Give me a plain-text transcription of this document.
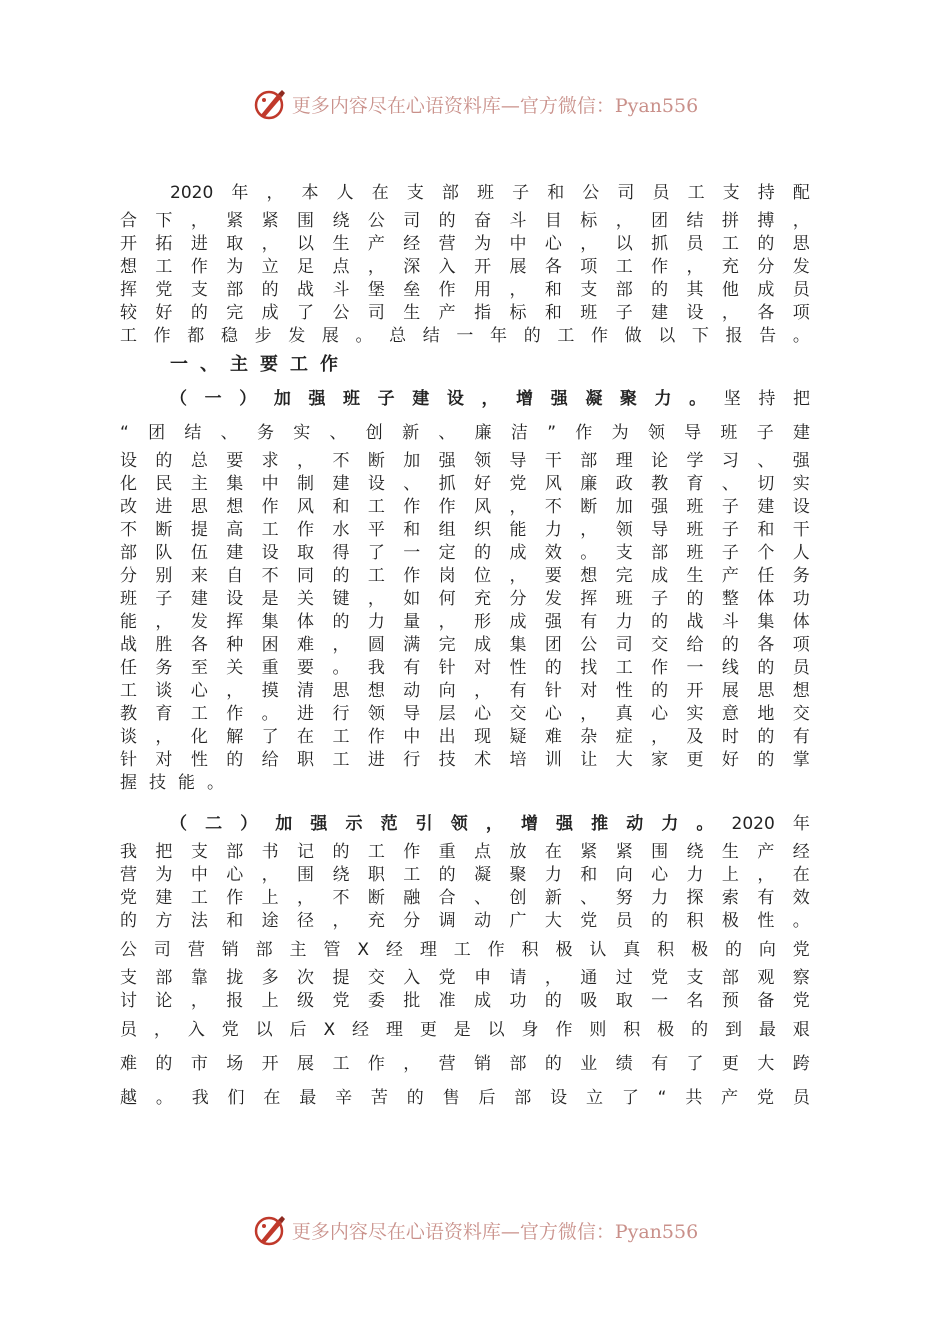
更多内容尽在心语资料库—官方微信：Pyan556
2020 年 ， 本 人 在 支 部 班 子 和 公 司 员 工 支 持 配
合 下 ， 紧 紧 围 绕 公 司 的 奋 斗 目 标 ， 团 结 拼 搏 ，
开 拓 进 取 ， 以 生 产 经 营 为 中 心 ， 以 抓 员 工 的 思
想 工 作 为 立 足 点 ， 深 入 开 展 各 项 工 作 ， 充 分 发
挥 党 支 部 的 战 斗 堡 垒 作 用 ， 和 支 部 的 其 他 成 员
较 好 的 完 成 了 公 司 生 产 指 标 和 班 子 建 设 ， 各 项
工 作 都 稳 步 发 展 。 总 结 一 年 的 工 作 做 以 下 报 告 。
一、主要工作
（ 一 ） 加 强 班 子 建 设 ， 增 强 凝 聚 力 。 坚 持 把
“ 团 结 、 务 实 、 创 新 、 廉 洁 ” 作 为 领 导 班 子 建
设 的 总 要 求 ， 不 断 加 强 领 导 干 部 理 论 学 习 、 强
化 民 主 集 中 制 建 设 、 抓 好 党 风 廉 政 教 育 、 切 实
改 进 思 想 作 风 和 工 作 作 风 ， 不 断 加 强 班 子 建 设
不 断 提 高 工 作 水 平 和 组 织 能 力 ， 领 导 班 子 和 干
部 队 伍 建 设 取 得 了 一 定 的 成 效 。 支 部 班 子 个 人
分 别 来 自 不 同 的 工 作 岗 位 ， 要 想 完 成 生 产 任 务
班 子 建 设 是 关 键 ， 如 何 充 分 发 挥 班 子 的 整 体 功
能 ， 发 挥 集 体 的 力 量 ， 形 成 强 有 力 的 战 斗 集 体
战 胜 各 种 困 难 ， 圆 满 完 成 集 团 公 司 交 给 的 各 项
任 务 至 关 重 要 。 我 有 针 对 性 的 找 工 作 一 线 的 员
工 谈 心 ， 摸 清 思 想 动 向 ， 有 针 对 性 的 开 展 思 想
教 育 工 作 。 进 行 领 导 层 心 交 心 ， 真 心 实 意 地 交
谈 ， 化 解 了 在 工 作 中 出 现 疑 难 杂 症 ， 及 时 的 有
针 对 性 的 给 职 工 进 行 技 术 培 训 让 大 家 更 好 的 掌
握 技 能 。
（ 二 ） 加 强 示 范 引 领 ， 增 强 推 动 力 。 2020 年
我 把 支 部 书 记 的 工 作 重 点 放 在 紧 紧 围 绕 生 产 经
营 为 中 心 ， 围 绕 职 工 的 凝 聚 力 和 向 心 力 上 ， 在
党 建 工 作 上 ， 不 断 融 合 、 创 新 、 努 力 探 索 有 效
的 方 法 和 途 径 ， 充 分 调 动 广 大 党 员 的 积 极 性 。
公 司 营 销 部 主 管 X 经 理 工 作 积 极 认 真 积 极 的 向 党
支 部 靠 拢 多 次 提 交 入 党 申 请 ， 通 过 党 支 部 观 察
讨 论 ， 报 上 级 党 委 批 准 成 功 的 吸 取 一 名 预 备 党
员 ， 入 党 以 后 X 经 理 更 是 以 身 作 则 积 极 的 到 最 艰
难 的 市 场 开 展 工 作 ， 营 销 部 的 业 绩 有 了 更 大 跨
越 。 我 们 在 最 辛 苦 的 售 后 部 设 立 了 “ 共 产 党 员
更多内容尽在心语资料库—官方微信：Pyan556
